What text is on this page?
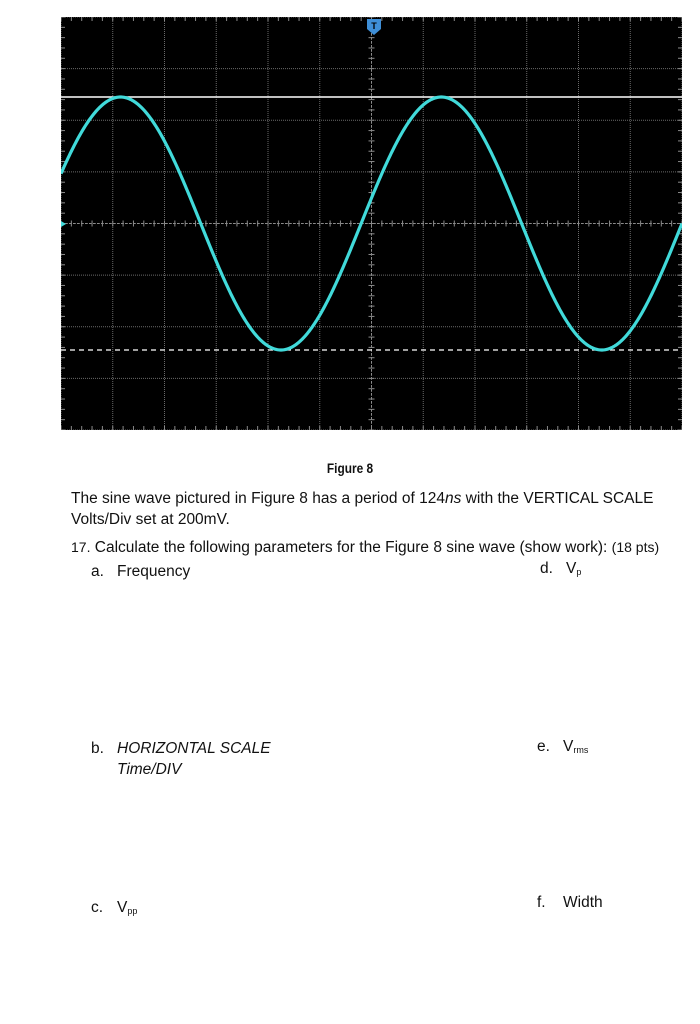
T
Figure 8
The sine wave pictured in Figure 8 has a period of 124ns with the VERTICAL SCALE Volts/Div set at 200mV.
17. Calculate the following parameters for the Figure 8 sine wave (show work): (18 pts)
a. Frequency
b. HORIZONTAL SCALE
Time/DIV
c. $V_{pp}$
d. $V_p$
e. $V_{rms}$
f. Width
